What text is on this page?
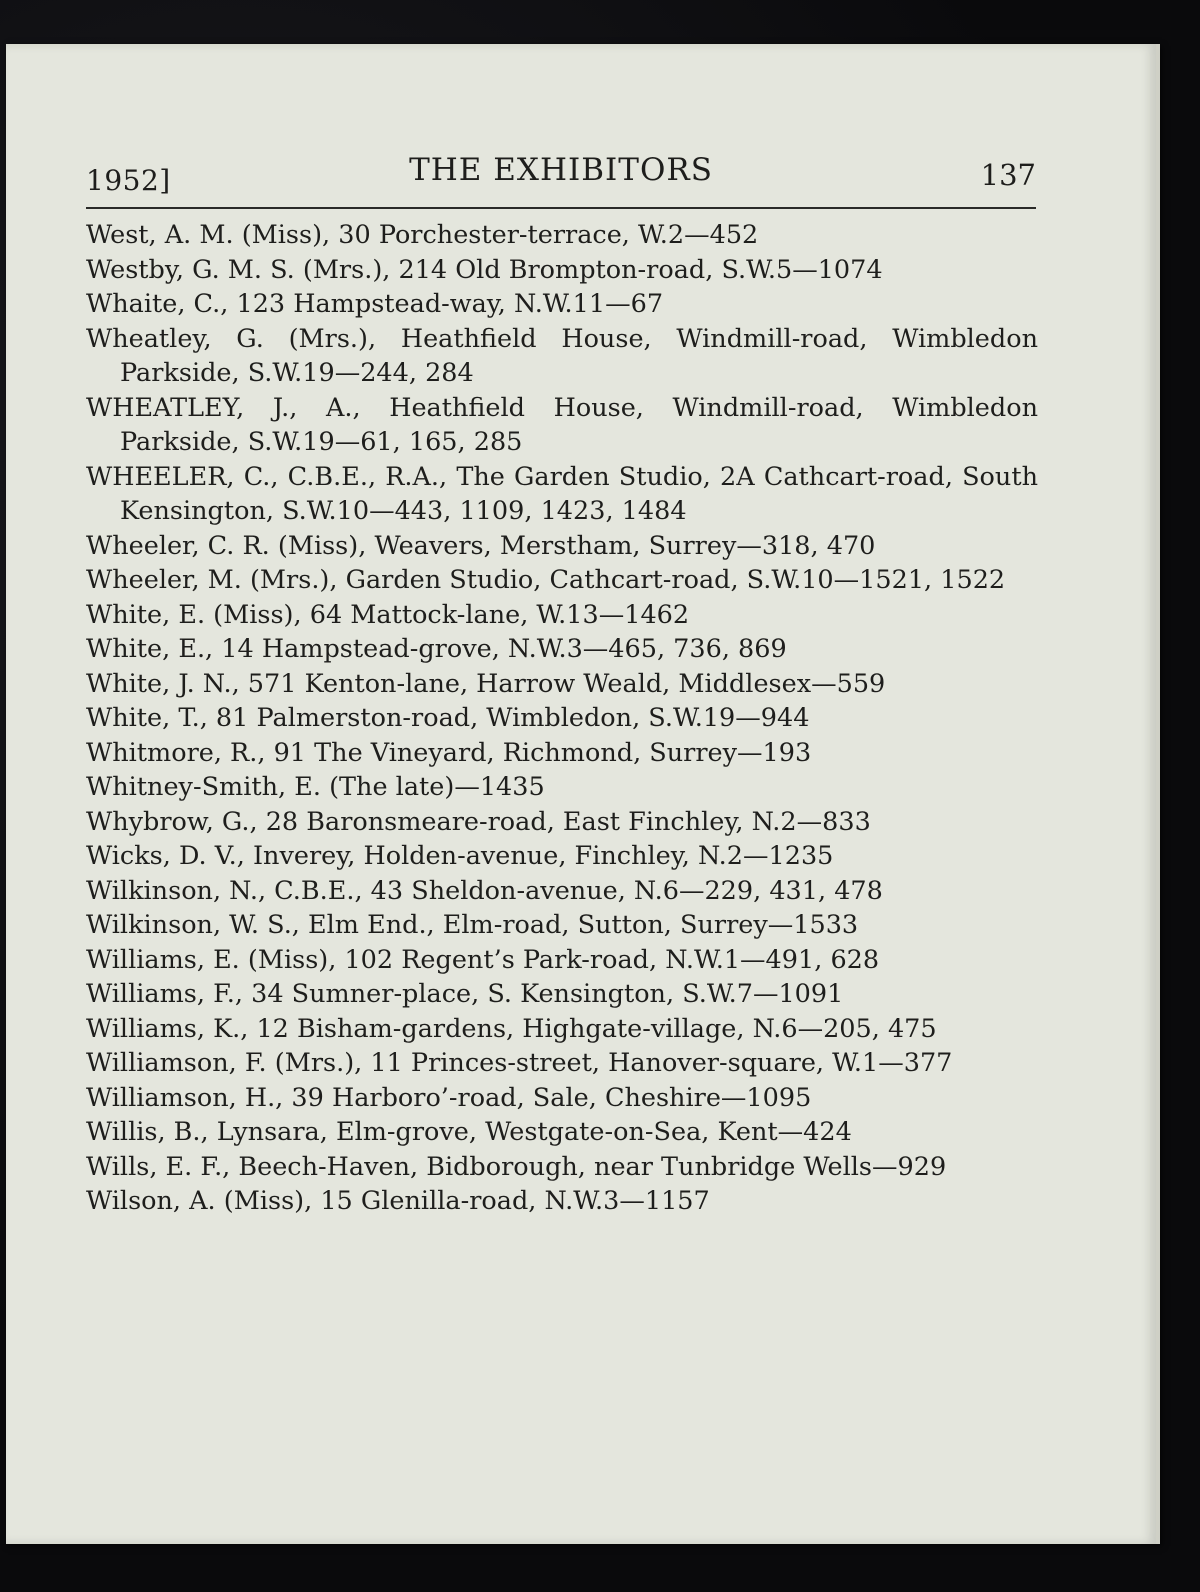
1952]	THE EXHIBITORS	137

West, A. M. (Miss), 30 Porchester-terrace, W.2—452

Westby, G. M. S. (Mrs.), 214 Old Brompton-road, S.W.5—1074

Whaite, C., 123 Hampstead-way, N.W.11—67

Wheatley, G. (Mrs.), Heathfield House, Windmill-road, Wimbledon Parkside, S.W.19—244, 284

WHEATLEY, J., A., Heathfield House, Windmill-road, Wimbledon Parkside, S.W.19—61, 165, 285

WHEELER, C., C.B.E., R.A., The Garden Studio, 2A Cathcart-road, South Kensington, S.W.10—443, 1109, 1423, 1484

Wheeler, C. R. (Miss), Weavers, Merstham, Surrey—318, 470

Wheeler, M. (Mrs.), Garden Studio, Cathcart-road, S.W.10—1521, 1522

White, E. (Miss), 64 Mattock-lane, W.13—1462

White, E., 14 Hampstead-grove, N.W.3—465, 736, 869

White, J. N., 571 Kenton-lane, Harrow Weald, Middlesex—559

White, T., 81 Palmerston-road, Wimbledon, S.W.19—944

Whitmore, R., 91 The Vineyard, Richmond, Surrey—193

Whitney-Smith, E. (The late)—1435

Whybrow, G., 28 Baronsmeare-road, East Finchley, N.2—833

Wicks, D. V., Inverey, Holden-avenue, Finchley, N.2—1235

Wilkinson, N., C.B.E., 43 Sheldon-avenue, N.6—229, 431, 478

Wilkinson, W. S., Elm End., Elm-road, Sutton, Surrey—1533

Williams, E. (Miss), 102 Regent’s Park-road, N.W.1—491, 628

Williams, F., 34 Sumner-place, S. Kensington, S.W.7—1091

Williams, K., 12 Bisham-gardens, Highgate-village, N.6—205, 475

Williamson, F. (Mrs.), 11 Princes-street, Hanover-square, W.1—377

Williamson, H., 39 Harboro’-road, Sale, Cheshire—1095

Willis, B., Lynsara, Elm-grove, Westgate-on-Sea, Kent—424

Wills, E. F., Beech-Haven, Bidborough, near Tunbridge Wells—929

Wilson, A. (Miss), 15 Glenilla-road, N.W.3—1157
